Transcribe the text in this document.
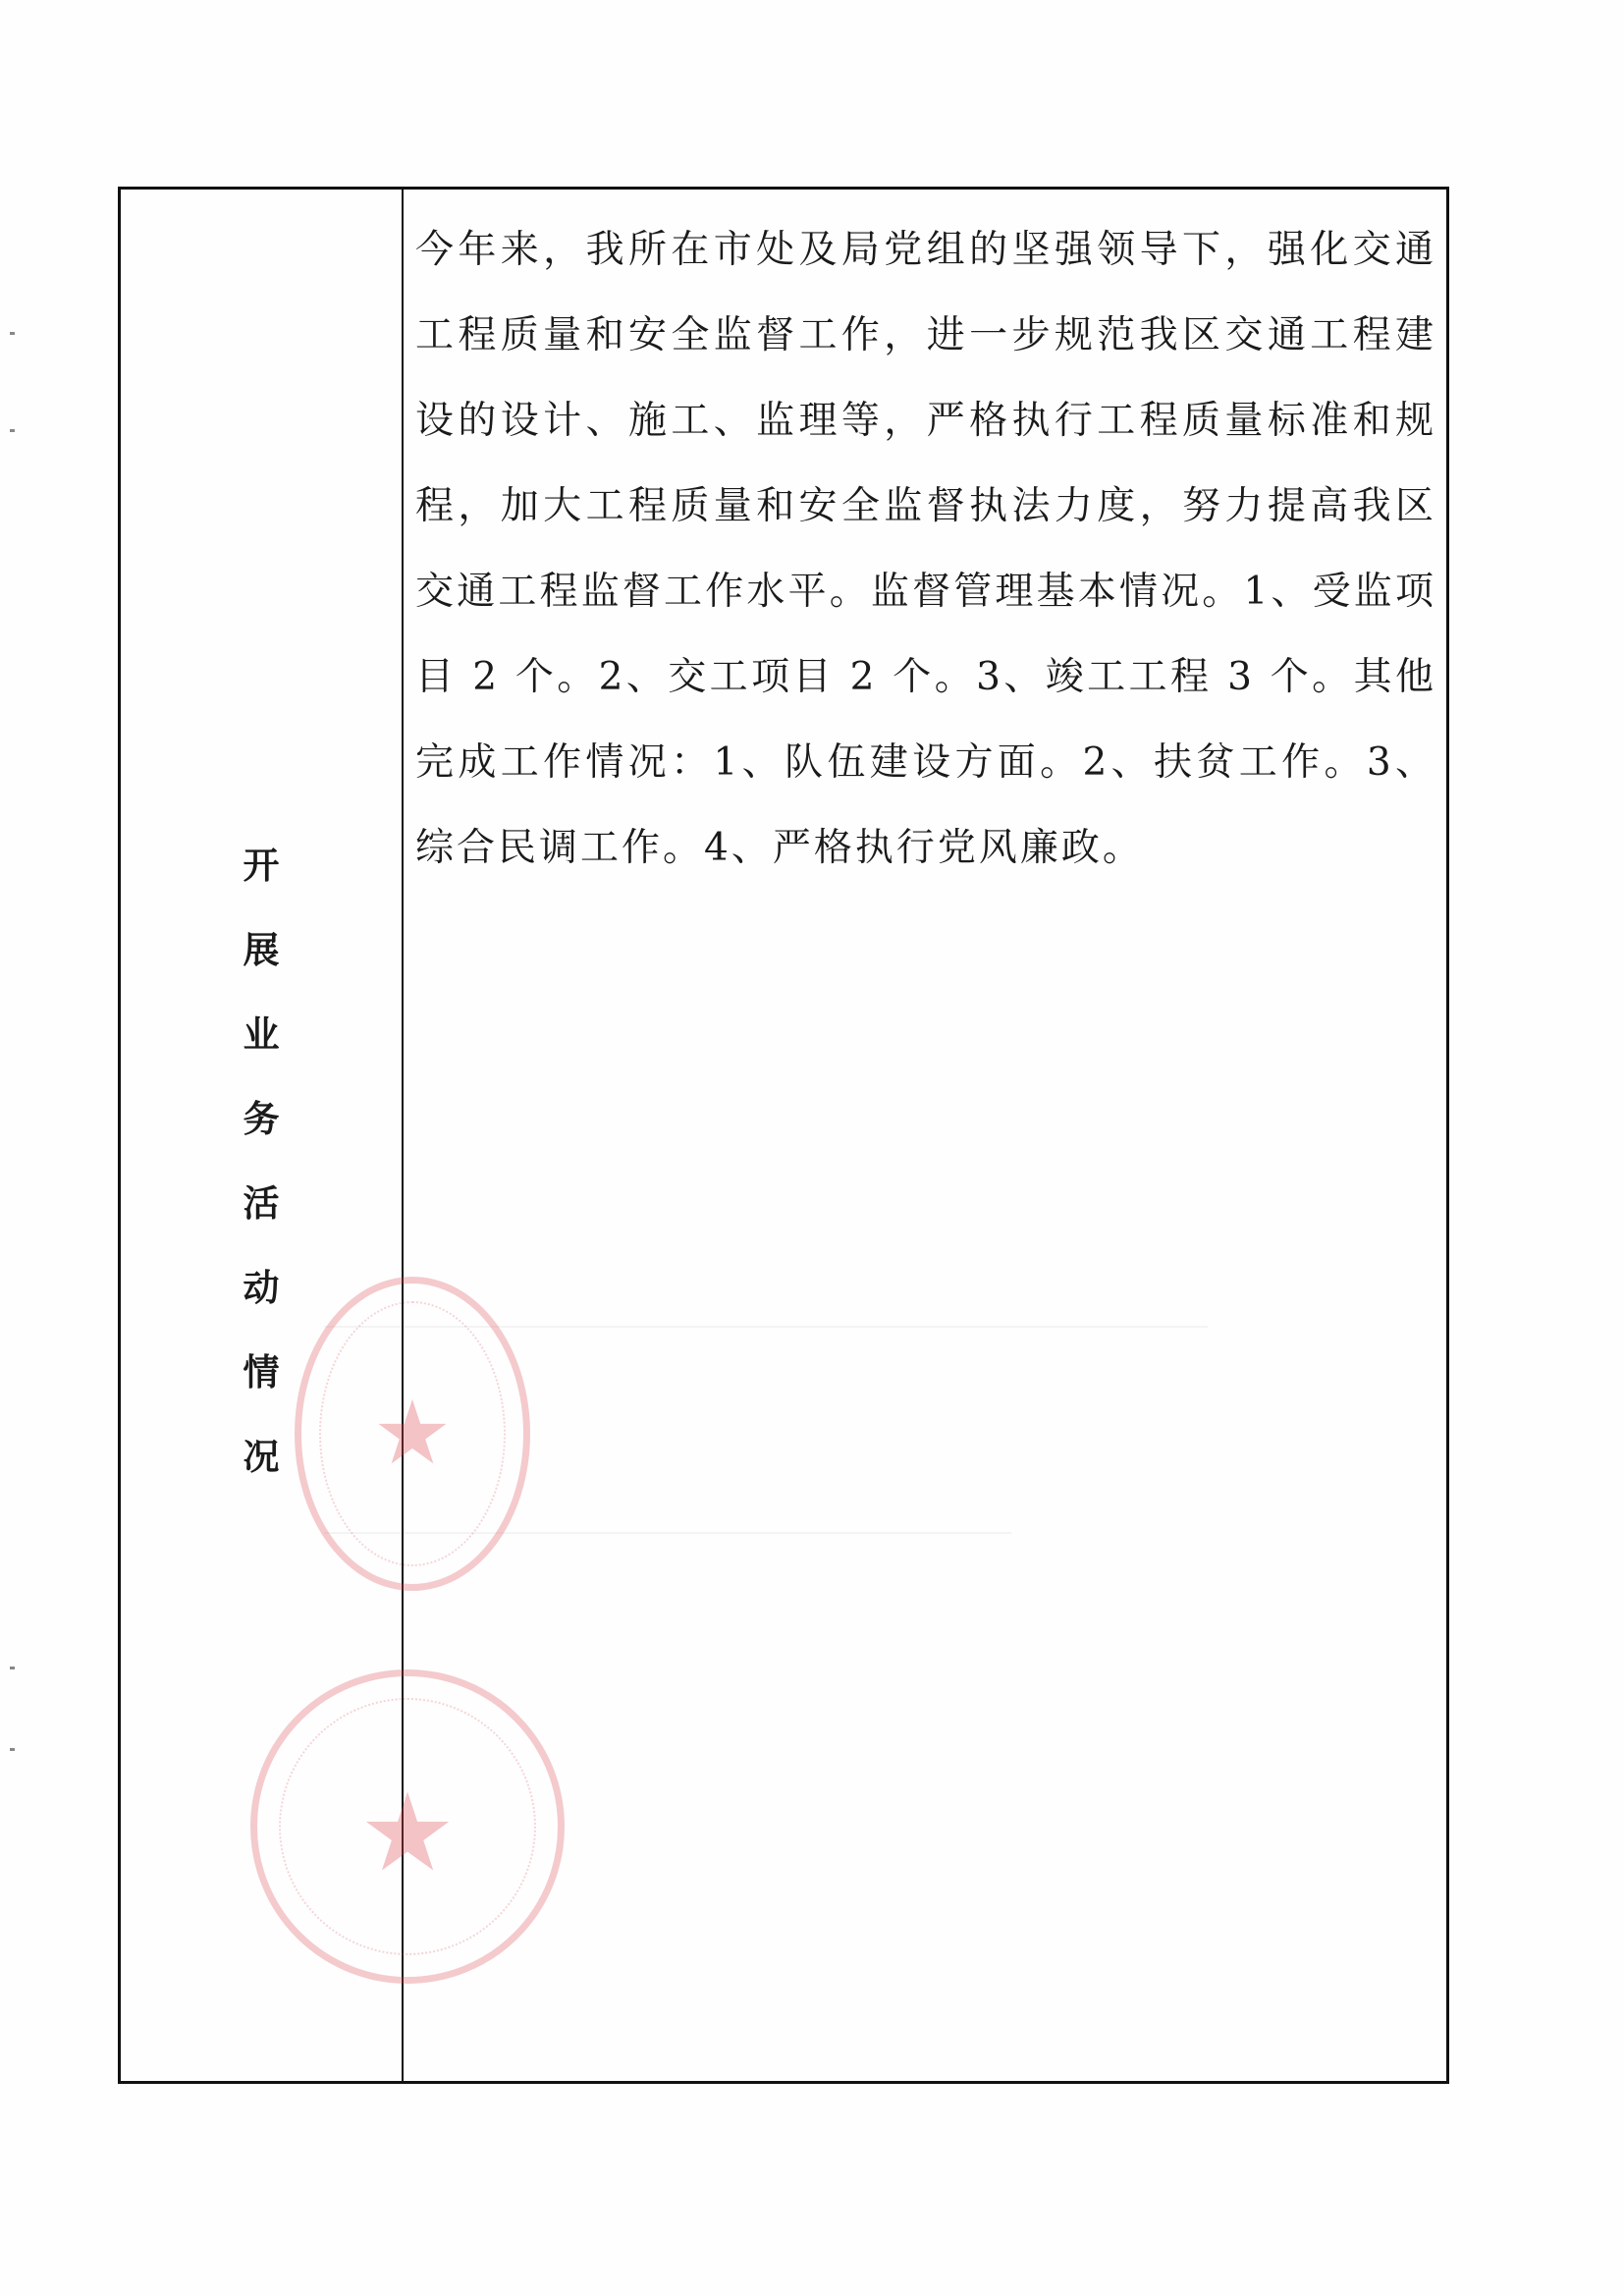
开
展
业
务
活
动
情
况

今年来，我所在市处及局党组的坚强领导下，强化交通工程质量和安全监督工作，进一步规范我区交通工程建设的设计、施工、监理等，严格执行工程质量标准和规程，加大工程质量和安全监督执法力度，努力提高我区交通工程监督工作水平。监督管理基本情况。1、受监项目 2 个。2、交工项目 2 个。3、竣工工程 3 个。其他完成工作情况：1、队伍建设方面。2、扶贫工作。3、综合民调工作。4、严格执行党风廉政。

★
★
